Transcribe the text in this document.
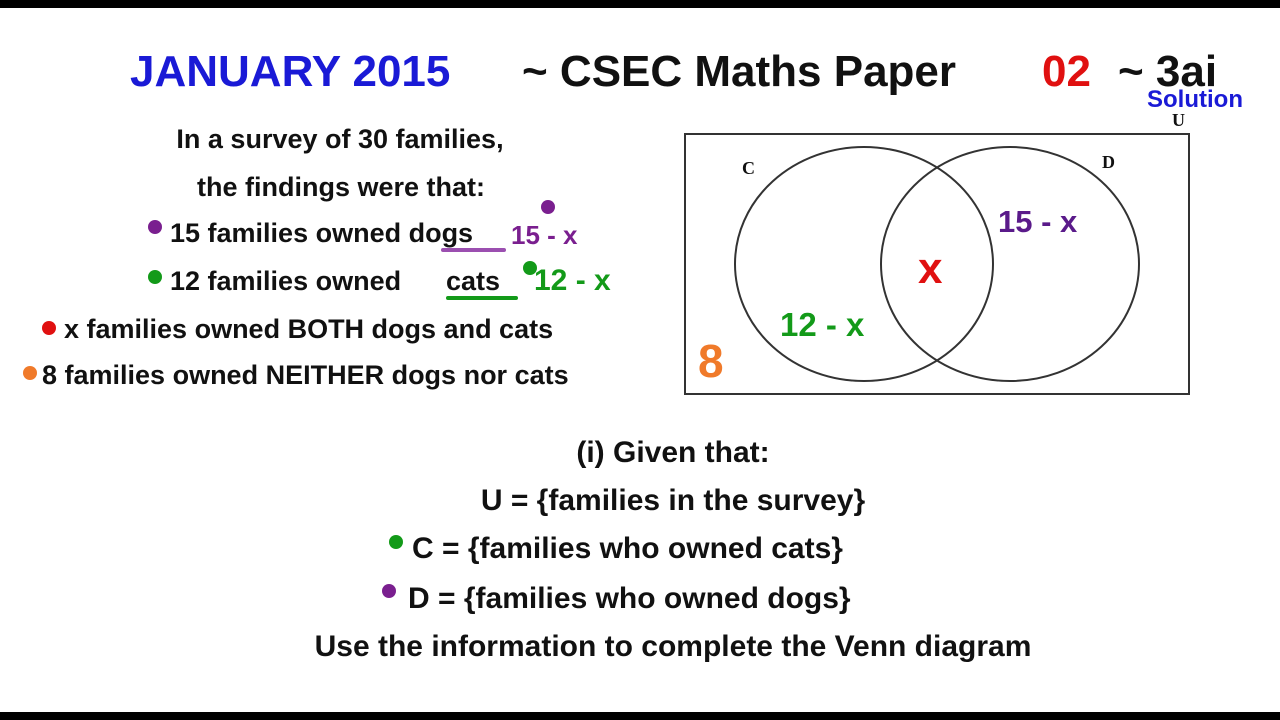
JANUARY 2015 ~ CSEC Maths Paper 02 ~ 3ai
Solution
In a survey of 30 families,
the findings were that:
15 families owned dogs 15 - x
12 families owned cats 12 - x
x families owned BOTH dogs and cats
8 families owned NEITHER dogs nor cats
U
C	D
15 - x
x
12 - x
8
(i) Given that:
U = {families in the survey}
C = {families who owned cats}
D = {families who owned dogs}
Use the information to complete the Venn diagram
